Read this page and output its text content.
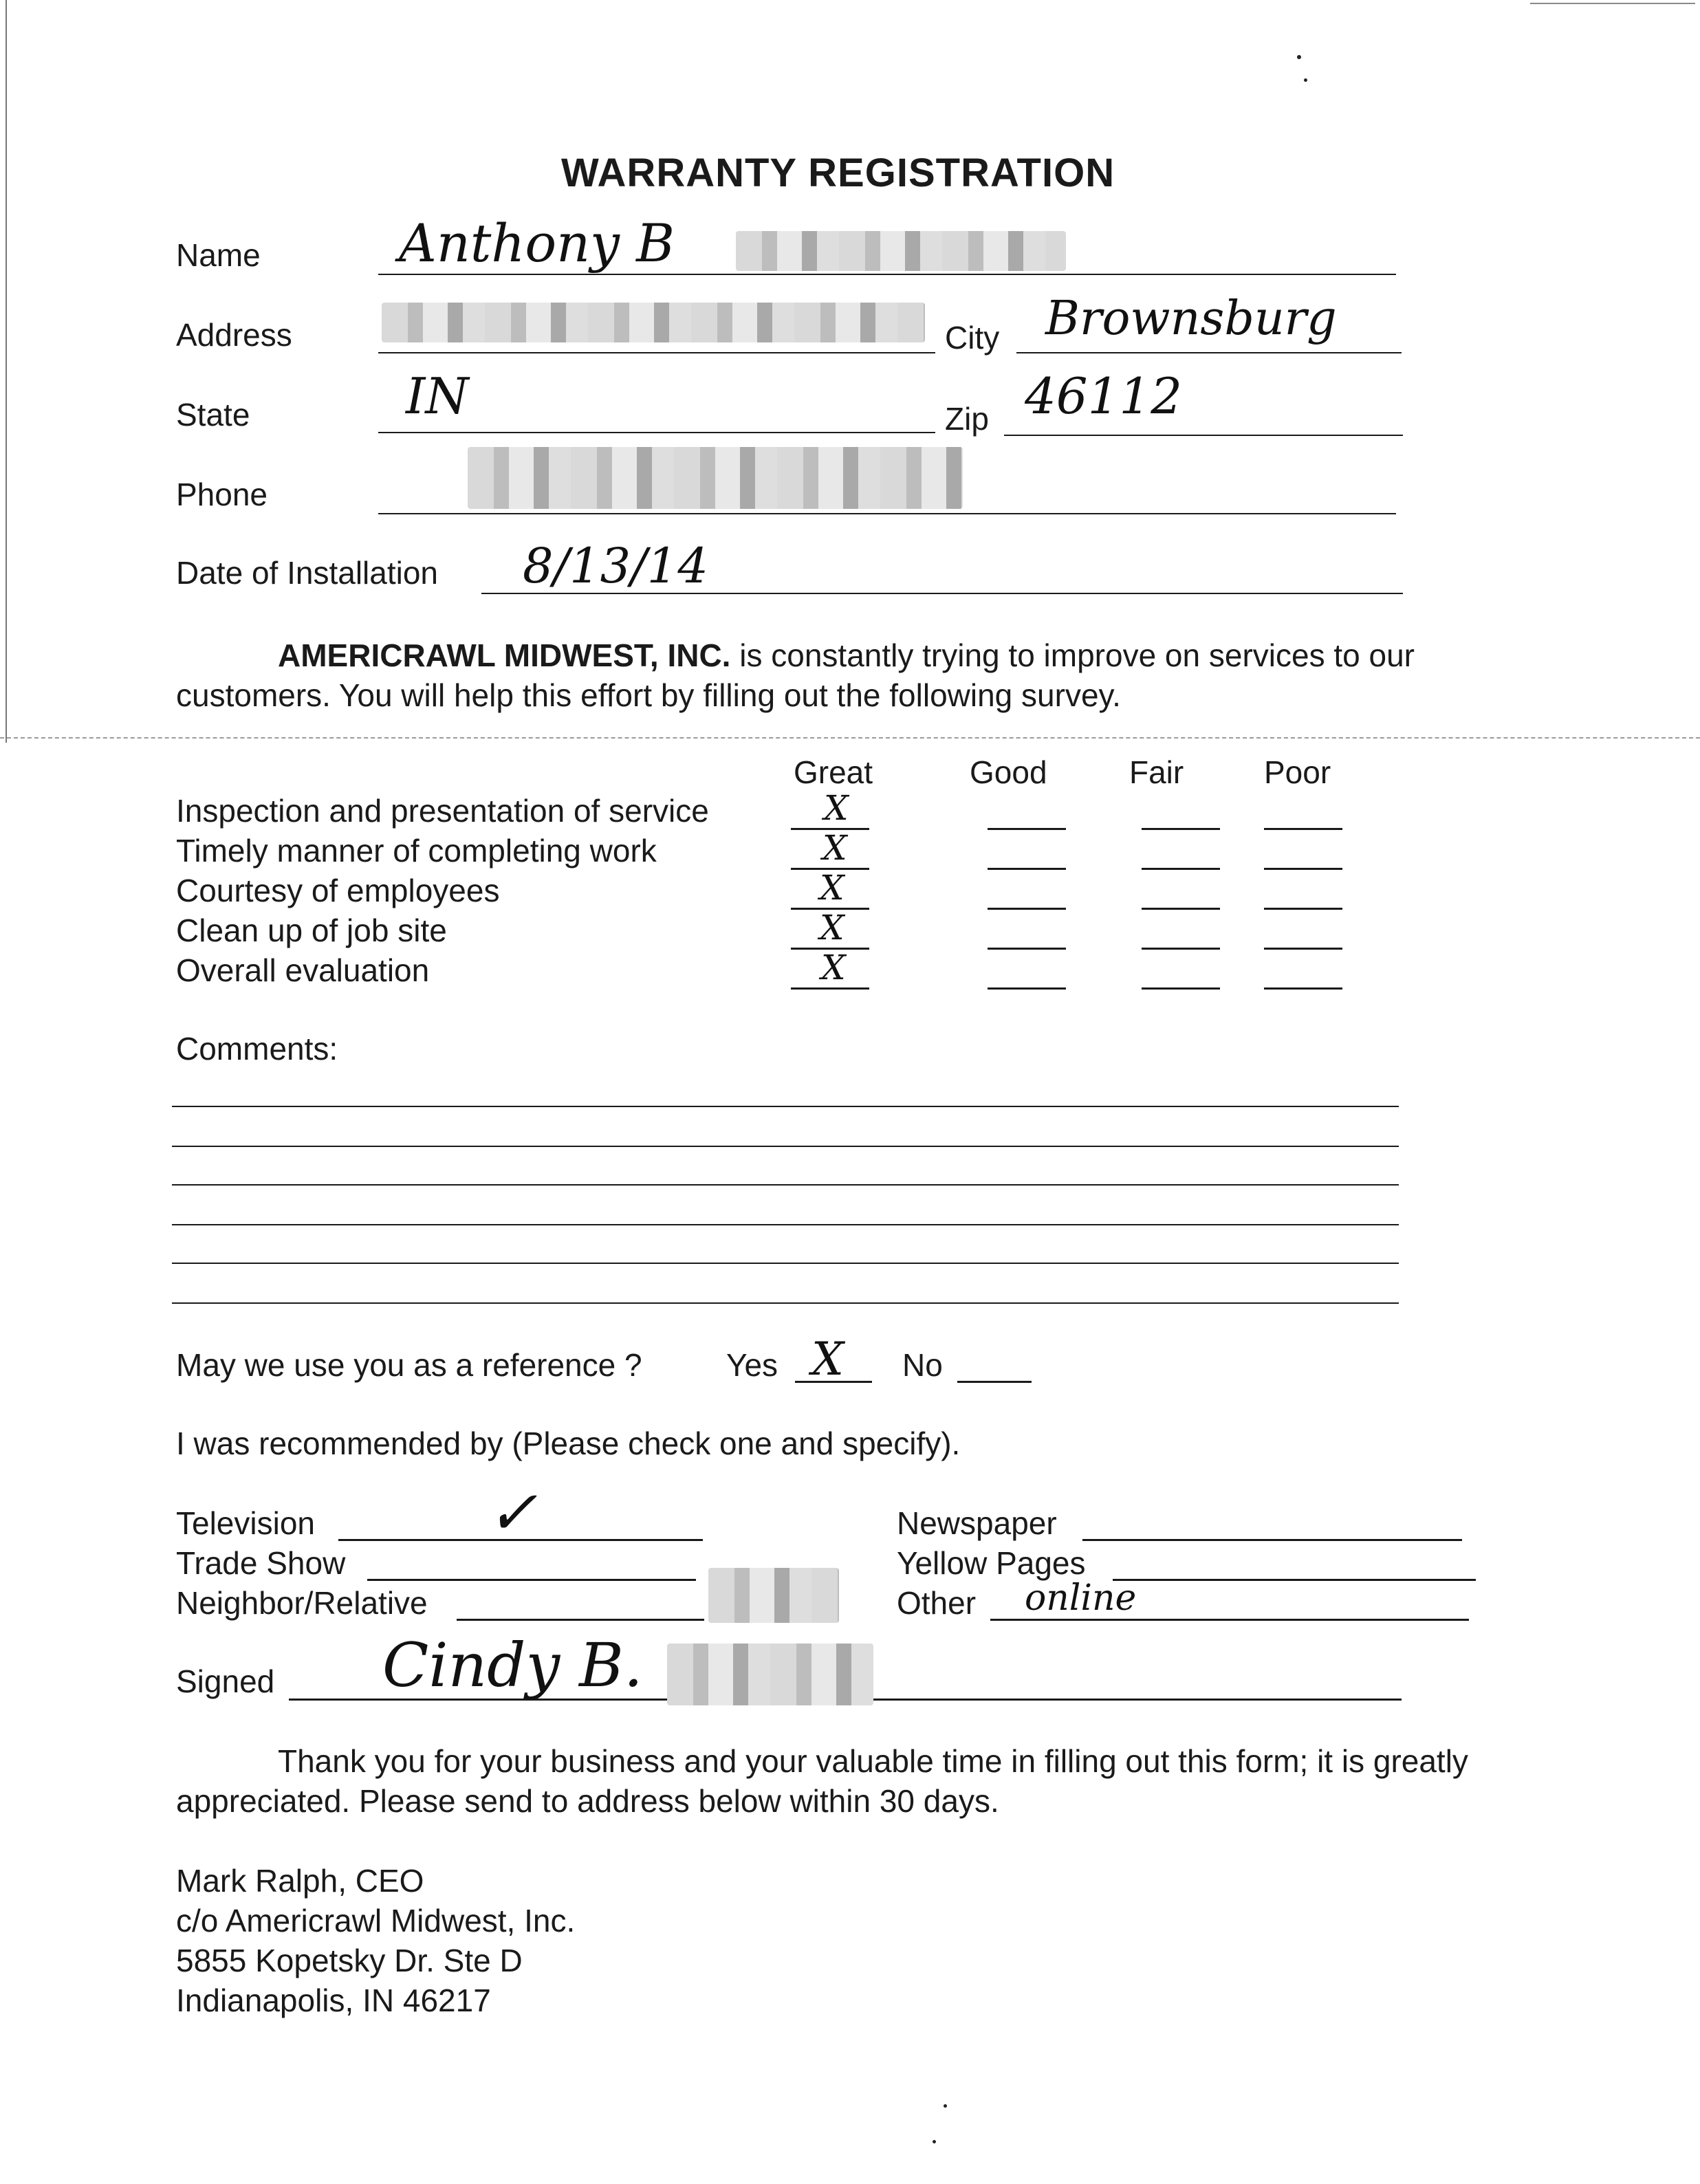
WARRANTY REGISTRATION
Name	Anthony B
Address	City Brownsburg
State	IN	Zip 46112
Phone
Date of Installation 8/13/14
AMERICRAWL MIDWEST, INC. is constantly trying to improve on services to our
customers. You will help this effort by filling out the following survey.
Great	Good	Fair	Poor
Inspection and presentation of service	X
Timely manner of completing work	X
Courtesy of employees	X
Clean up of job site	X
Overall evaluation	X
Comments:
May we use you as a reference ?	Yes X No
I was recommended by (Please check one and specify).
Television	✓
Trade Show
Neighbor/Relative
Newspaper
Yellow Pages
Other online
Signed Cindy B.
Thank you for your business and your valuable time in filling out this form; it is greatly
appreciated. Please send to address below within 30 days.
Mark Ralph, CEO
c/o Americrawl Midwest, Inc.
5855 Kopetsky Dr. Ste D
Indianapolis, IN 46217
